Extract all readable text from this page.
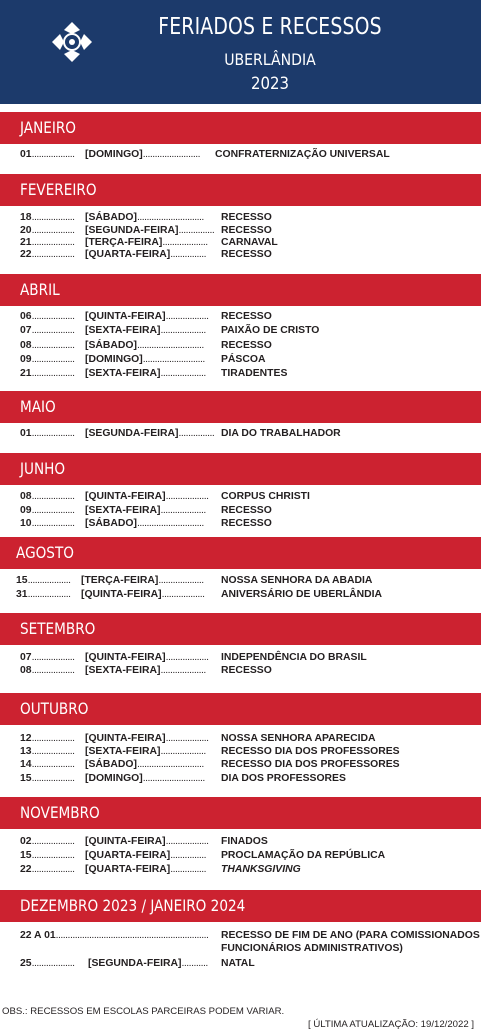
FERIADOS E RECESSOS
UBERLÂNDIA
2023
JANEIRO
01.................. [DOMINGO]........................ CONFRATERNIZAÇÃO UNIVERSAL
FEVEREIRO
18.................. [SÁBADO]............................ RECESSO
20.................. [SEGUNDA-FEIRA]............... RECESSO
21.................. [TERÇA-FEIRA]................... CARNAVAL
22.................. [QUARTA-FEIRA]............... RECESSO
ABRIL
06.................. [QUINTA-FEIRA].................. RECESSO
07.................. [SEXTA-FEIRA]................... PAIXÃO DE CRISTO
08.................. [SÁBADO]............................ RECESSO
09.................. [DOMINGO].......................... PÁSCOA
21.................. [SEXTA-FEIRA]................... TIRADENTES
MAIO
01.................. [SEGUNDA-FEIRA]............... DIA DO TRABALHADOR
JUNHO
08.................. [QUINTA-FEIRA].................. CORPUS CHRISTI
09.................. [SEXTA-FEIRA]................... RECESSO
10.................. [SÁBADO]............................ RECESSO
AGOSTO
15.................. [TERÇA-FEIRA]................... NOSSA SENHORA DA ABADIA
31.................. [QUINTA-FEIRA].................. ANIVERSÁRIO DE UBERLÂNDIA
SETEMBRO
07.................. [QUINTA-FEIRA].................. INDEPENDÊNCIA DO BRASIL
08.................. [SEXTA-FEIRA]................... RECESSO
OUTUBRO
12.................. [QUINTA-FEIRA].................. NOSSA SENHORA APARECIDA
13.................. [SEXTA-FEIRA]................... RECESSO DIA DOS PROFESSORES
14.................. [SÁBADO]............................ RECESSO DIA DOS PROFESSORES
15.................. [DOMINGO].......................... DIA DOS PROFESSORES
NOVEMBRO
02.................. [QUINTA-FEIRA].................. FINADOS
15.................. [QUARTA-FEIRA]............... PROCLAMAÇÃO DA REPÚBLICA
22.................. [QUARTA-FEIRA]............... THANKSGIVING
DEZEMBRO 2023 / JANEIRO 2024
22 A 01................................................................ RECESSO DE FIM DE ANO (PARA COMISSIONADOS
FUNCIONÁRIOS ADMINISTRATIVOS)
25.................. [SEGUNDA-FEIRA]........... NATAL
OBS.: RECESSOS EM ESCOLAS PARCEIRAS PODEM VARIAR.
[ ÚLTIMA ATUALIZAÇÃO: 19/12/2022 ]
